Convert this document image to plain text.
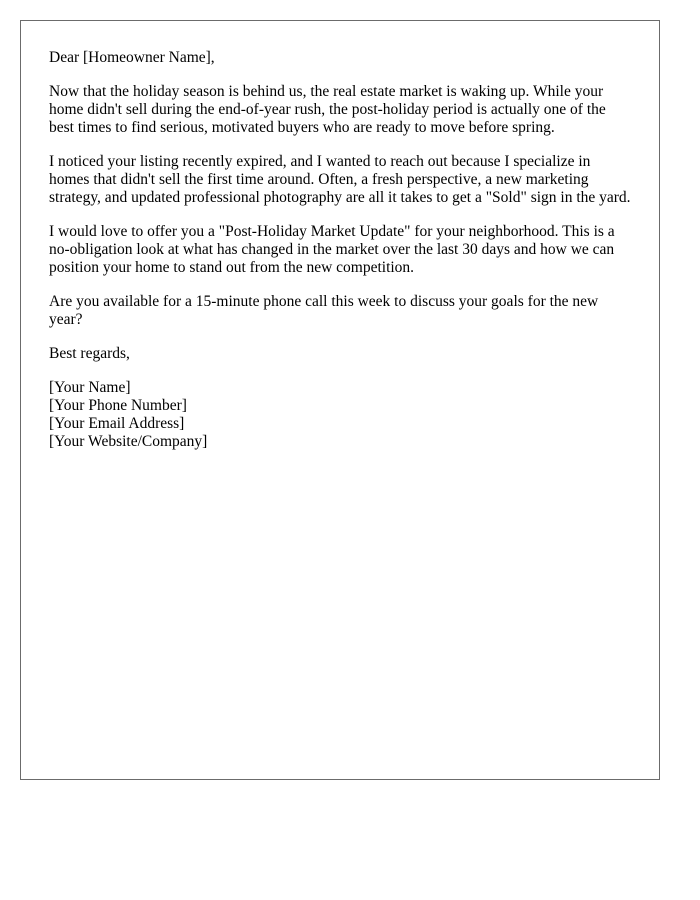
Dear [Homeowner Name],

Now that the holiday season is behind us, the real estate market is waking up. While your home didn't sell during the end-of-year rush, the post-holiday period is actually one of the best times to find serious, motivated buyers who are ready to move before spring.

I noticed your listing recently expired, and I wanted to reach out because I specialize in homes that didn't sell the first time around. Often, a fresh perspective, a new marketing strategy, and updated professional photography are all it takes to get a "Sold" sign in the yard.

I would love to offer you a "Post-Holiday Market Update" for your neighborhood. This is a no-obligation look at what has changed in the market over the last 30 days and how we can position your home to stand out from the new competition.

Are you available for a 15-minute phone call this week to discuss your goals for the new year?

Best regards,

[Your Name]
[Your Phone Number]
[Your Email Address]
[Your Website/Company]
